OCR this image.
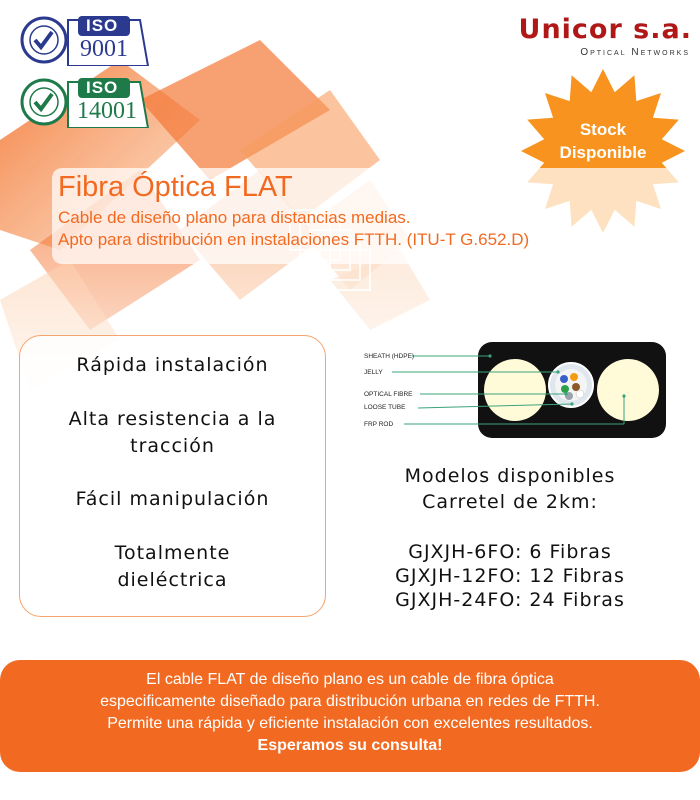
ISO
9001
ISO
14001
Unicor s.a.
Optical Networks
Stock
Disponible
Fibra Óptica FLAT
Cable de diseño plano para distancias medias.
Apto para distribución en instalaciones FTTH. (ITU-T G.652.D)
Rápida instalación
Alta resistencia a la
tracción
Fácil manipulación
Totalmente
dieléctrica
SHEATH (HDPE)
JELLY
OPTICAL FIBRE
LOOSE TUBE
FRP ROD
Modelos disponibles
Carretel de 2km:
GJXJH-6FO: 6 Fibras
GJXJH-12FO: 12 Fibras
GJXJH-24FO: 24 Fibras
El cable FLAT de diseño plano es un cable de fibra óptica
especificamente diseñado para distribución urbana en redes de FTTH.
Permite una rápida y eficiente instalación con excelentes resultados.
Esperamos su consulta!
